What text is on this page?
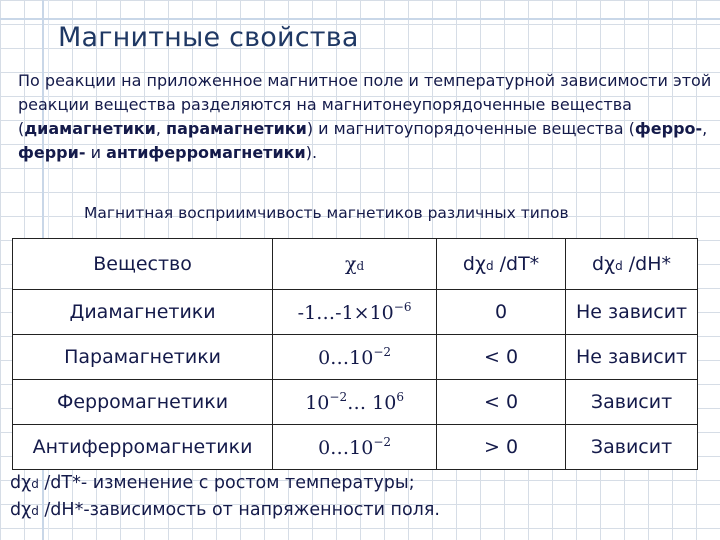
Магнитные свойства
По реакции на приложенное магнитное поле и температурной зависимости этой реакции вещества разделяются на магнитонеупорядоченные вещества (диамагнетики, парамагнетики) и магнитоупорядоченные вещества (ферро-, ферри- и антиферромагнетики).
Магнитная восприимчивость магнетиков различных типов
Вещество	χd	dχd /dT*	dχd /dH*
Диамагнетики	$-1\dots-1\times 10^{-6}$	0	Не зависит
Парамагнетики	$0\dots 10^{-2}$	< 0	Не зависит
Ферромагнетики	$10^{-2}\dots$ $10^6$	< 0	Зависит
Антиферромагнетики	$0\dots 10^{-2}$	> 0	Зависит
dχd /dT*- изменение с ростом температуры;
dχd /dH*-зависимость от напряженности поля.
